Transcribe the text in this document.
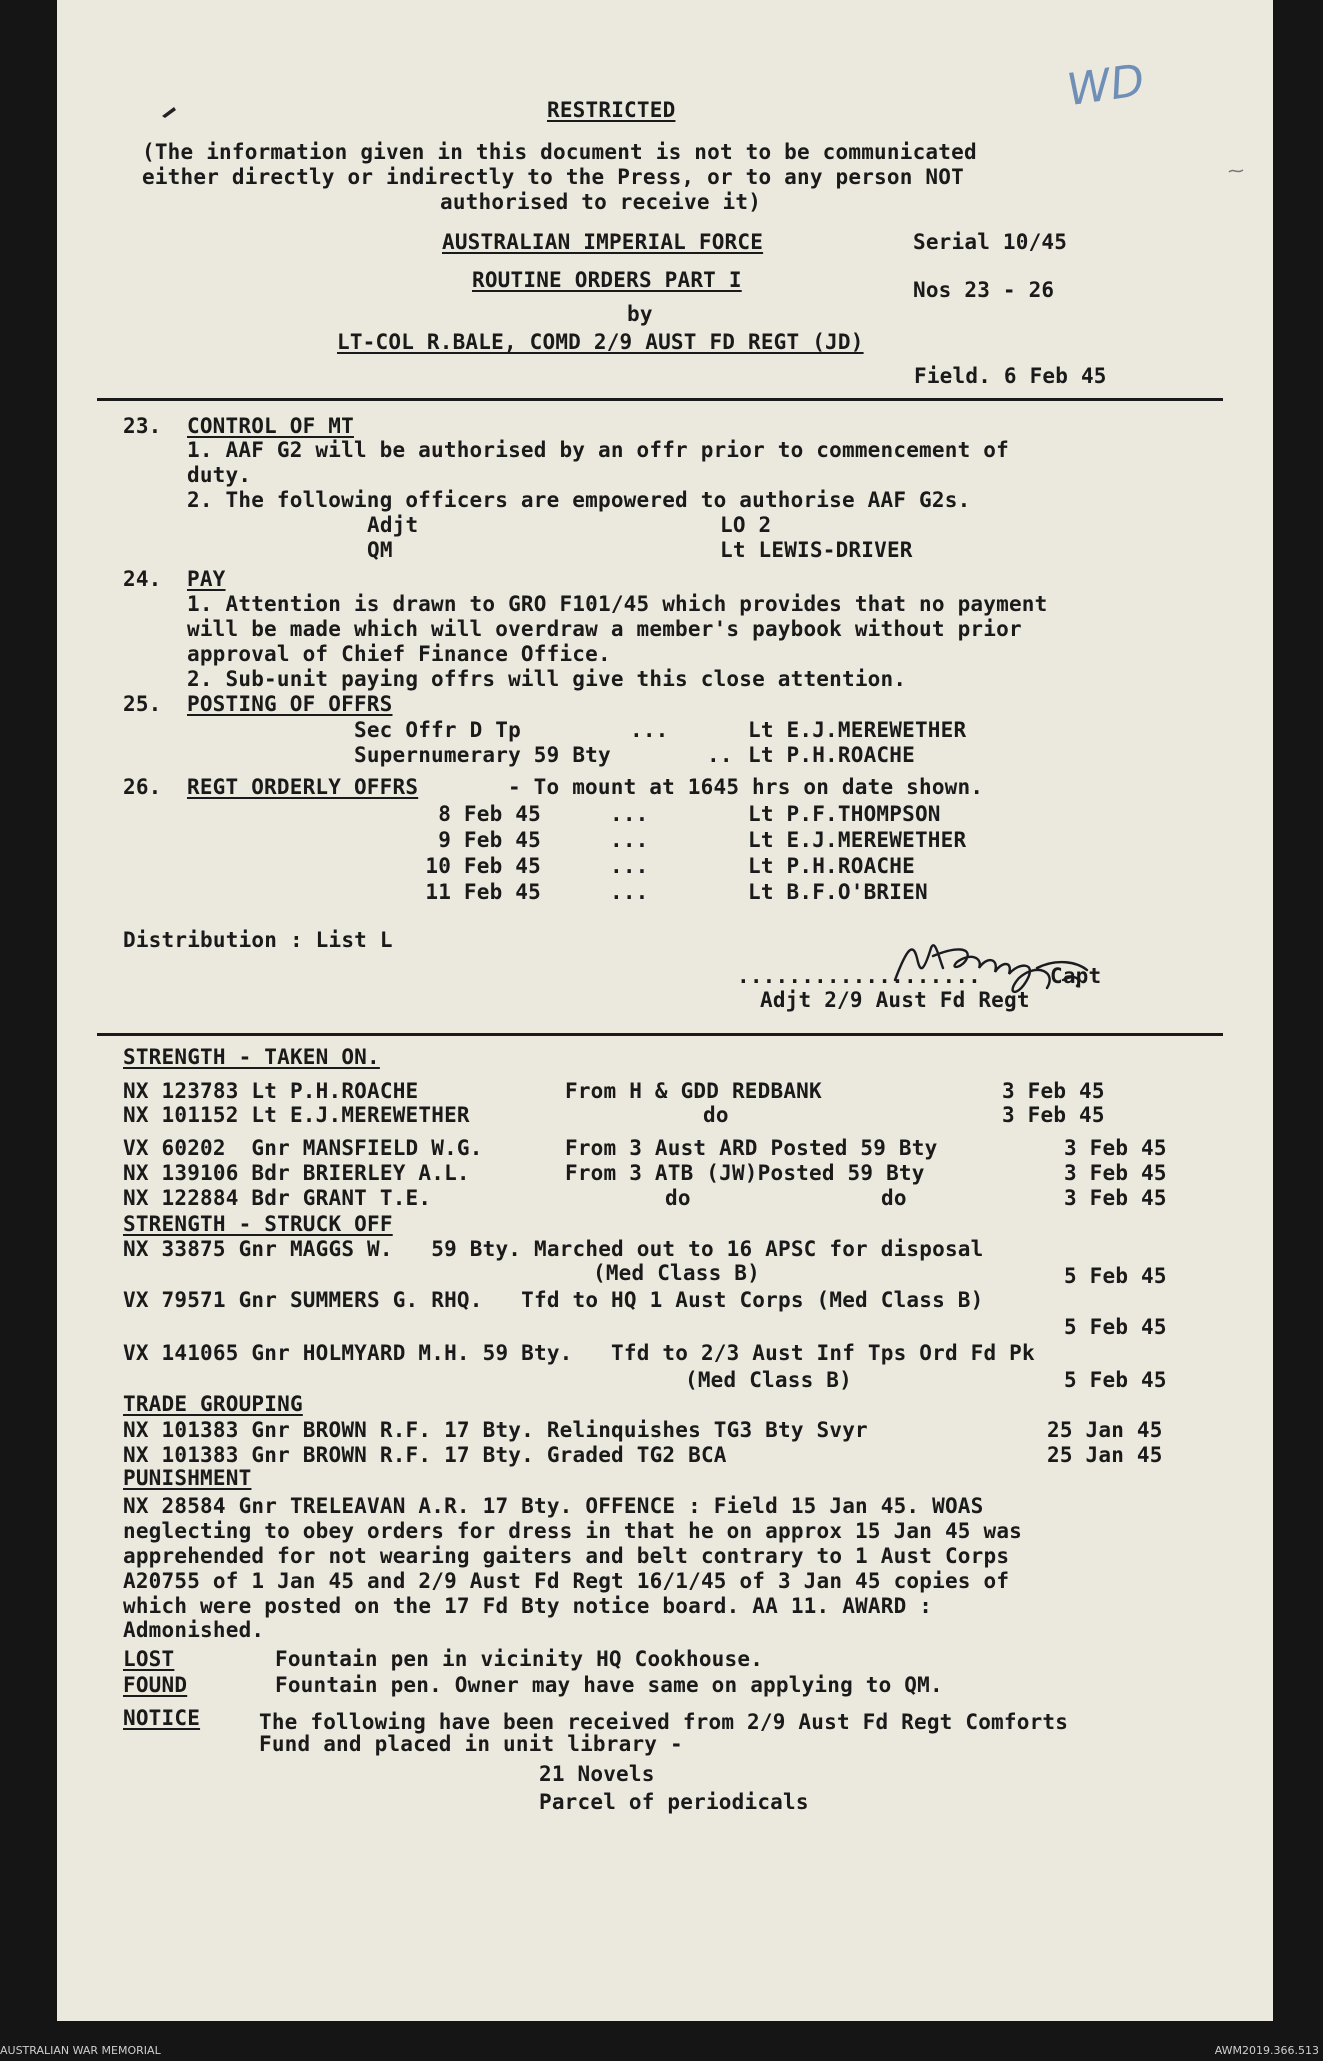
WD
RESTRICTED
(The information given in this document is not to be communicated
either directly or indirectly to the Press, or to any person NOT
authorised to receive it)
AUSTRALIAN IMPERIAL FORCE
ROUTINE ORDERS PART I
by
LT-COL R.BALE, COMD 2/9 AUST FD REGT (JD)
Serial 10/45
Nos 23 - 26
Field. 6 Feb 45
23. CONTROL OF MT
1. AAF G2 will be authorised by an offr prior to commencement of
duty.
2. The following officers are empowered to authorise AAF G2s.
Adjt	LO 2
QM	Lt LEWIS-DRIVER
24. PAY
1. Attention is drawn to GRO F101/45 which provides that no payment
will be made which will overdraw a member's paybook without prior
approval of Chief Finance Office.
2. Sub-unit paying offrs will give this close attention.
25. POSTING OF OFFRS
Sec Offr D Tp	...	Lt E.J.MEREWETHER
Supernumerary 59 Bty	.. Lt P.H.ROACHE
26. REGT ORDERLY OFFRS	- To mount at 1645 hrs on date shown.
8 Feb 45	...	Lt P.F.THOMPSON
9 Feb 45	...	Lt E.J.MEREWETHER
10 Feb 45	...	Lt P.H.ROACHE
11 Feb 45	...	Lt B.F.O'BRIEN
Distribution : List L
...................	Capt
Adjt 2/9 Aust Fd Regt
STRENGTH - TAKEN ON.
NX 123783 Lt P.H.ROACHE	From H & GDD REDBANK	3 Feb 45
NX 101152 Lt E.J.MEREWETHER	do	3 Feb 45
VX 60202  Gnr MANSFIELD W.G.	From 3 Aust ARD Posted 59 Bty	3 Feb 45
NX 139106 Bdr BRIERLEY A.L.	From 3 ATB (JW)Posted 59 Bty	3 Feb 45
NX 122884 Bdr GRANT T.E.	do	do	3 Feb 45
STRENGTH - STRUCK OFF
NX 33875 Gnr MAGGS W.   59 Bty. Marched out to 16 APSC for disposal
(Med Class B)	5 Feb 45
VX 79571 Gnr SUMMERS G. RHQ.   Tfd to HQ 1 Aust Corps (Med Class B)
5 Feb 45
VX 141065 Gnr HOLMYARD M.H. 59 Bty.   Tfd to 2/3 Aust Inf Tps Ord Fd Pk
(Med Class B)	5 Feb 45
TRADE GROUPING
NX 101383 Gnr BROWN R.F. 17 Bty. Relinquishes TG3 Bty Svyr	25 Jan 45
NX 101383 Gnr BROWN R.F. 17 Bty. Graded TG2 BCA	25 Jan 45
PUNISHMENT
NX 28584 Gnr TRELEAVAN A.R. 17 Bty. OFFENCE : Field 15 Jan 45. WOAS
neglecting to obey orders for dress in that he on approx 15 Jan 45 was
apprehended for not wearing gaiters and belt contrary to 1 Aust Corps
A20755 of 1 Jan 45 and 2/9 Aust Fd Regt 16/1/45 of 3 Jan 45 copies of
which were posted on the 17 Fd Bty notice board. AA 11. AWARD :
Admonished.
LOST	Fountain pen in vicinity HQ Cookhouse.
FOUND	Fountain pen. Owner may have same on applying to QM.
NOTICE	The following have been received from 2/9 Aust Fd Regt Comforts
Fund and placed in unit library -
21 Novels
Parcel of periodicals
AUSTRALIAN WAR MEMORIAL	AWM2019.366.513
